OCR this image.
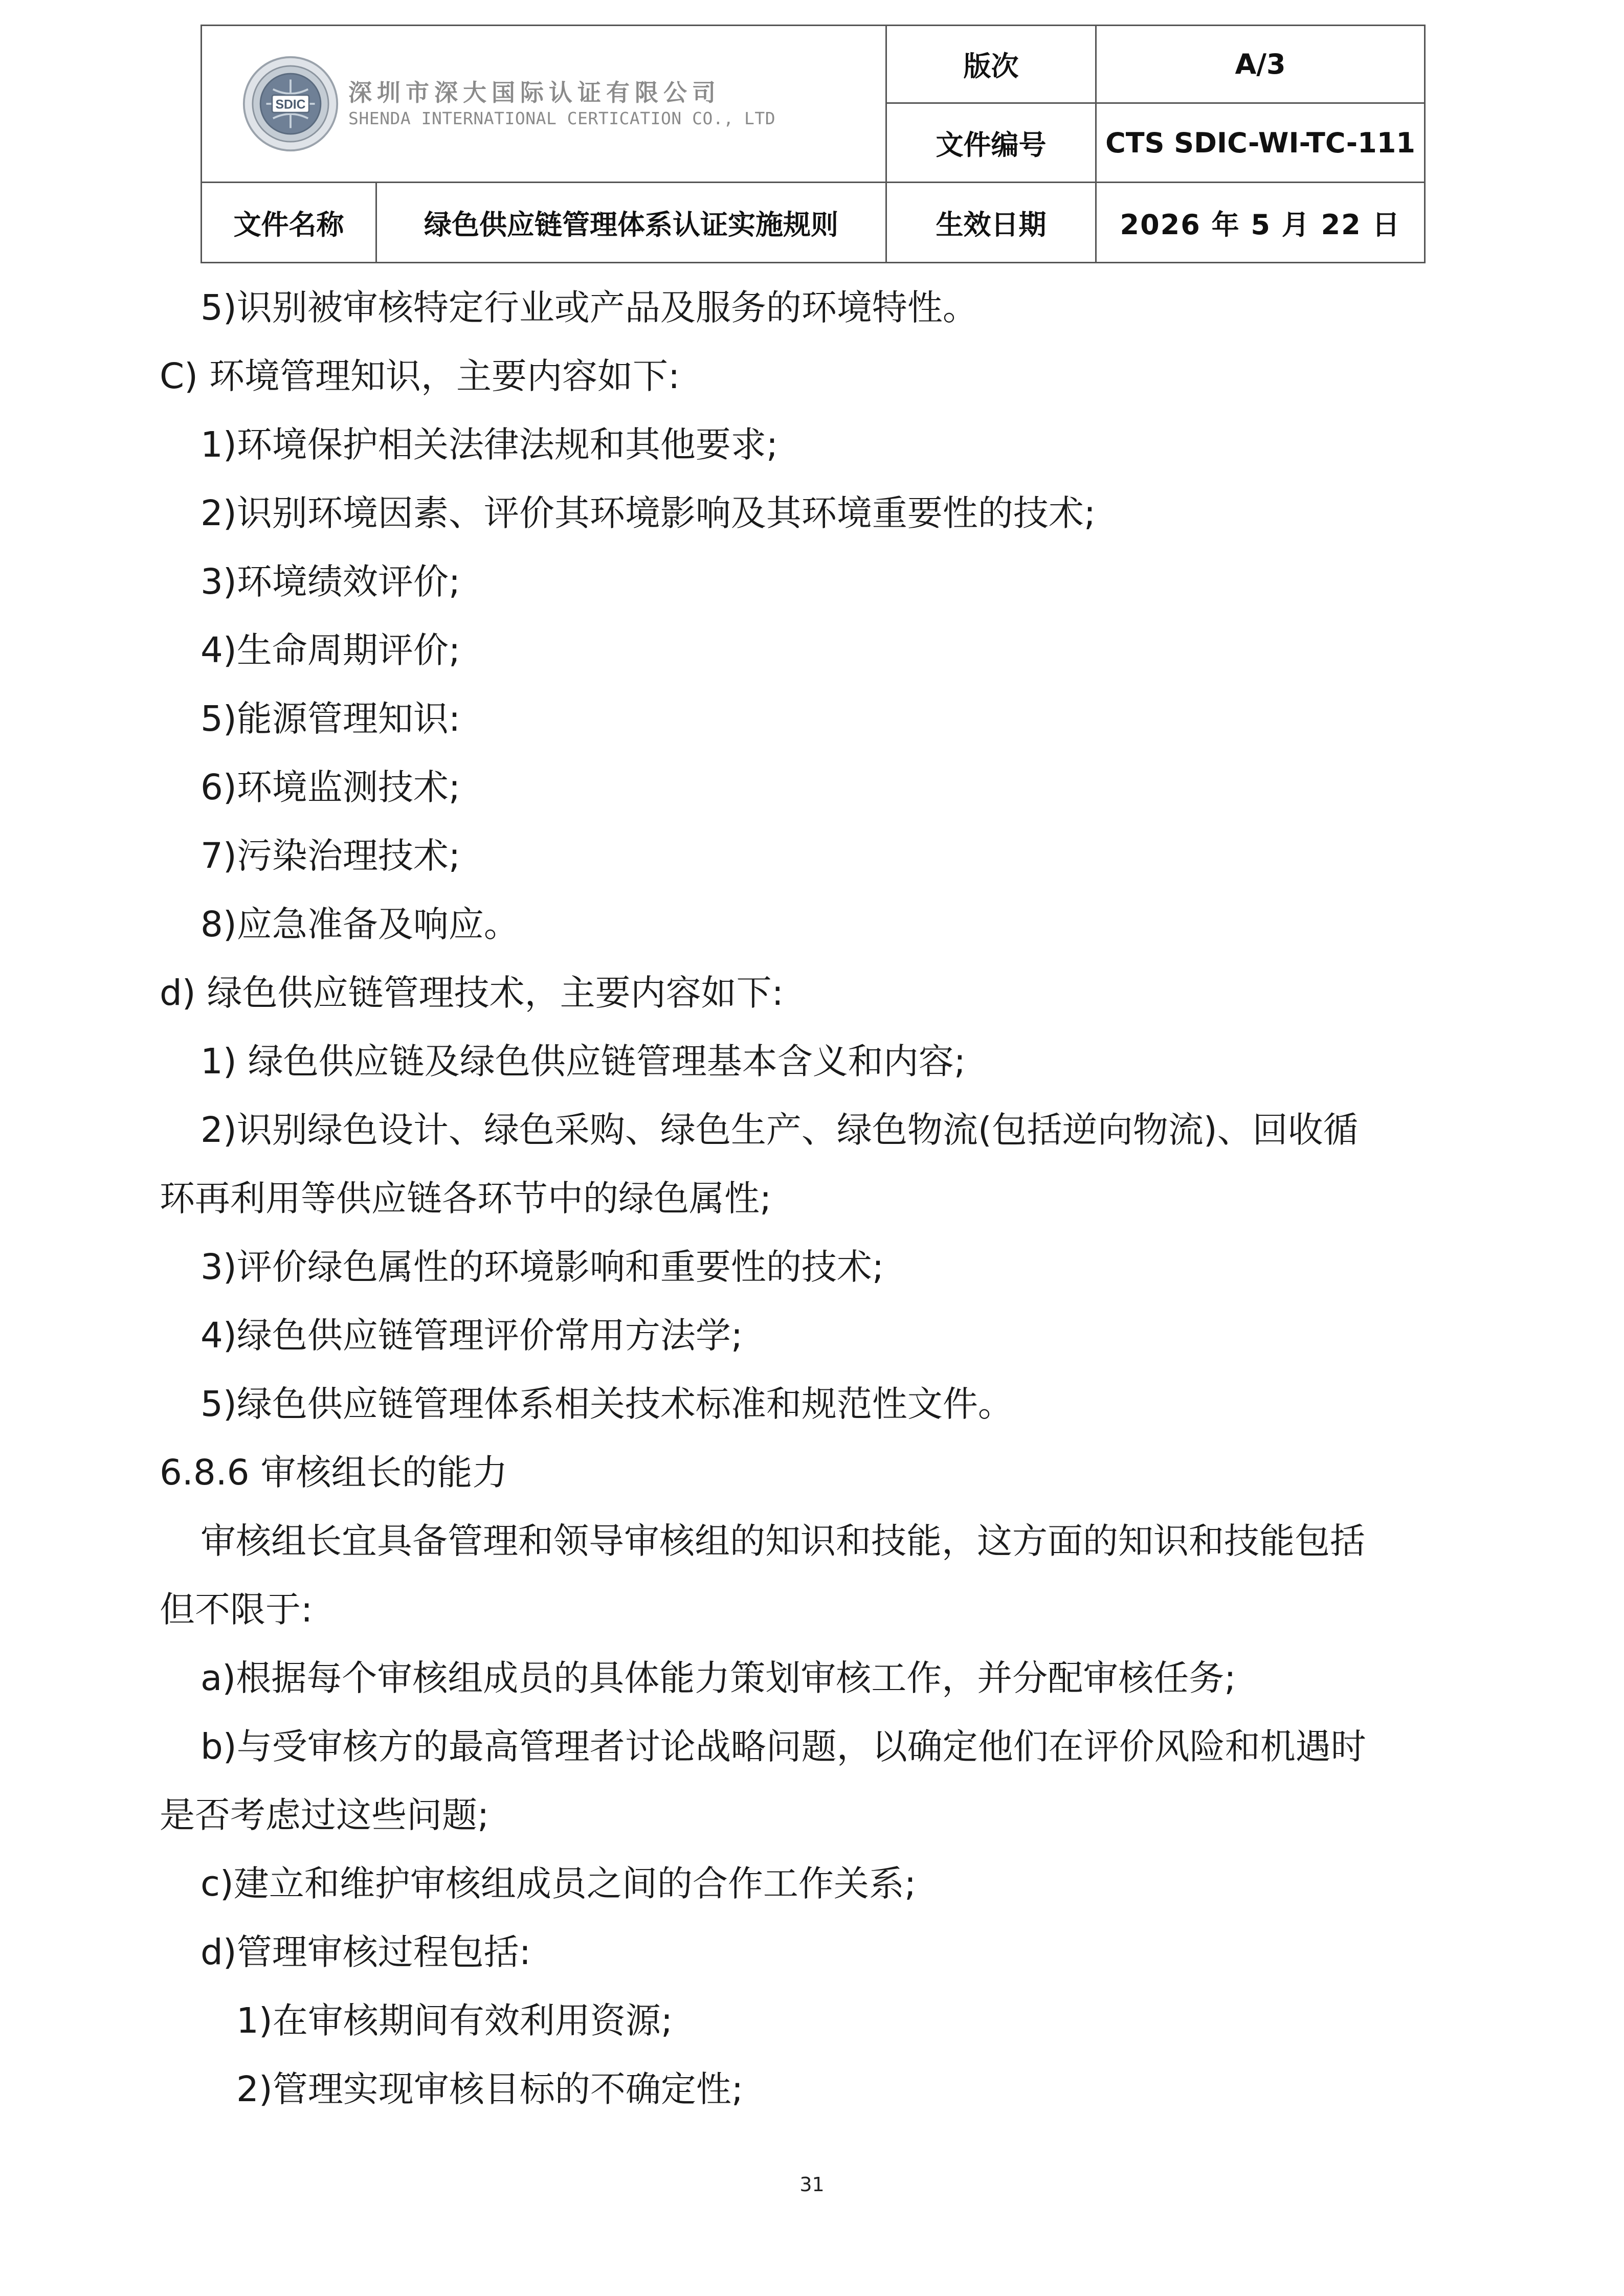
SDIC 深圳市深大国际认证有限公司
SHENDA INTERNATIONAL CERTICATION CO., LTD		版次	A/3
		文件编号	CTS SDIC-WI-TC-111
文件名称	绿色供应链管理体系认证实施规则	生效日期	2026 年 5 月 22 日
5)识别被审核特定行业或产品及服务的环境特性。
C) 环境管理知识，主要内容如下:
1)环境保护相关法律法规和其他要求;
2)识别环境因素、评价其环境影响及其环境重要性的技术;
3)环境绩效评价;
4)生命周期评价;
5)能源管理知识:
6)环境监测技术;
7)污染治理技术;
8)应急准备及响应。
d) 绿色供应链管理技术，主要内容如下:
1) 绿色供应链及绿色供应链管理基本含义和内容;
2)识别绿色设计、绿色采购、绿色生产、绿色物流(包括逆向物流)、回收循
环再利用等供应链各环节中的绿色属性;
3)评价绿色属性的环境影响和重要性的技术;
4)绿色供应链管理评价常用方法学;
5)绿色供应链管理体系相关技术标准和规范性文件。
6.8.6 审核组长的能力
审核组长宜具备管理和领导审核组的知识和技能，这方面的知识和技能包括
但不限于:
a)根据每个审核组成员的具体能力策划审核工作，并分配审核任务;
b)与受审核方的最高管理者讨论战略问题，以确定他们在评价风险和机遇时
是否考虑过这些问题;
c)建立和维护审核组成员之间的合作工作关系;
d)管理审核过程包括:
1)在审核期间有效利用资源;
2)管理实现审核目标的不确定性;
31
